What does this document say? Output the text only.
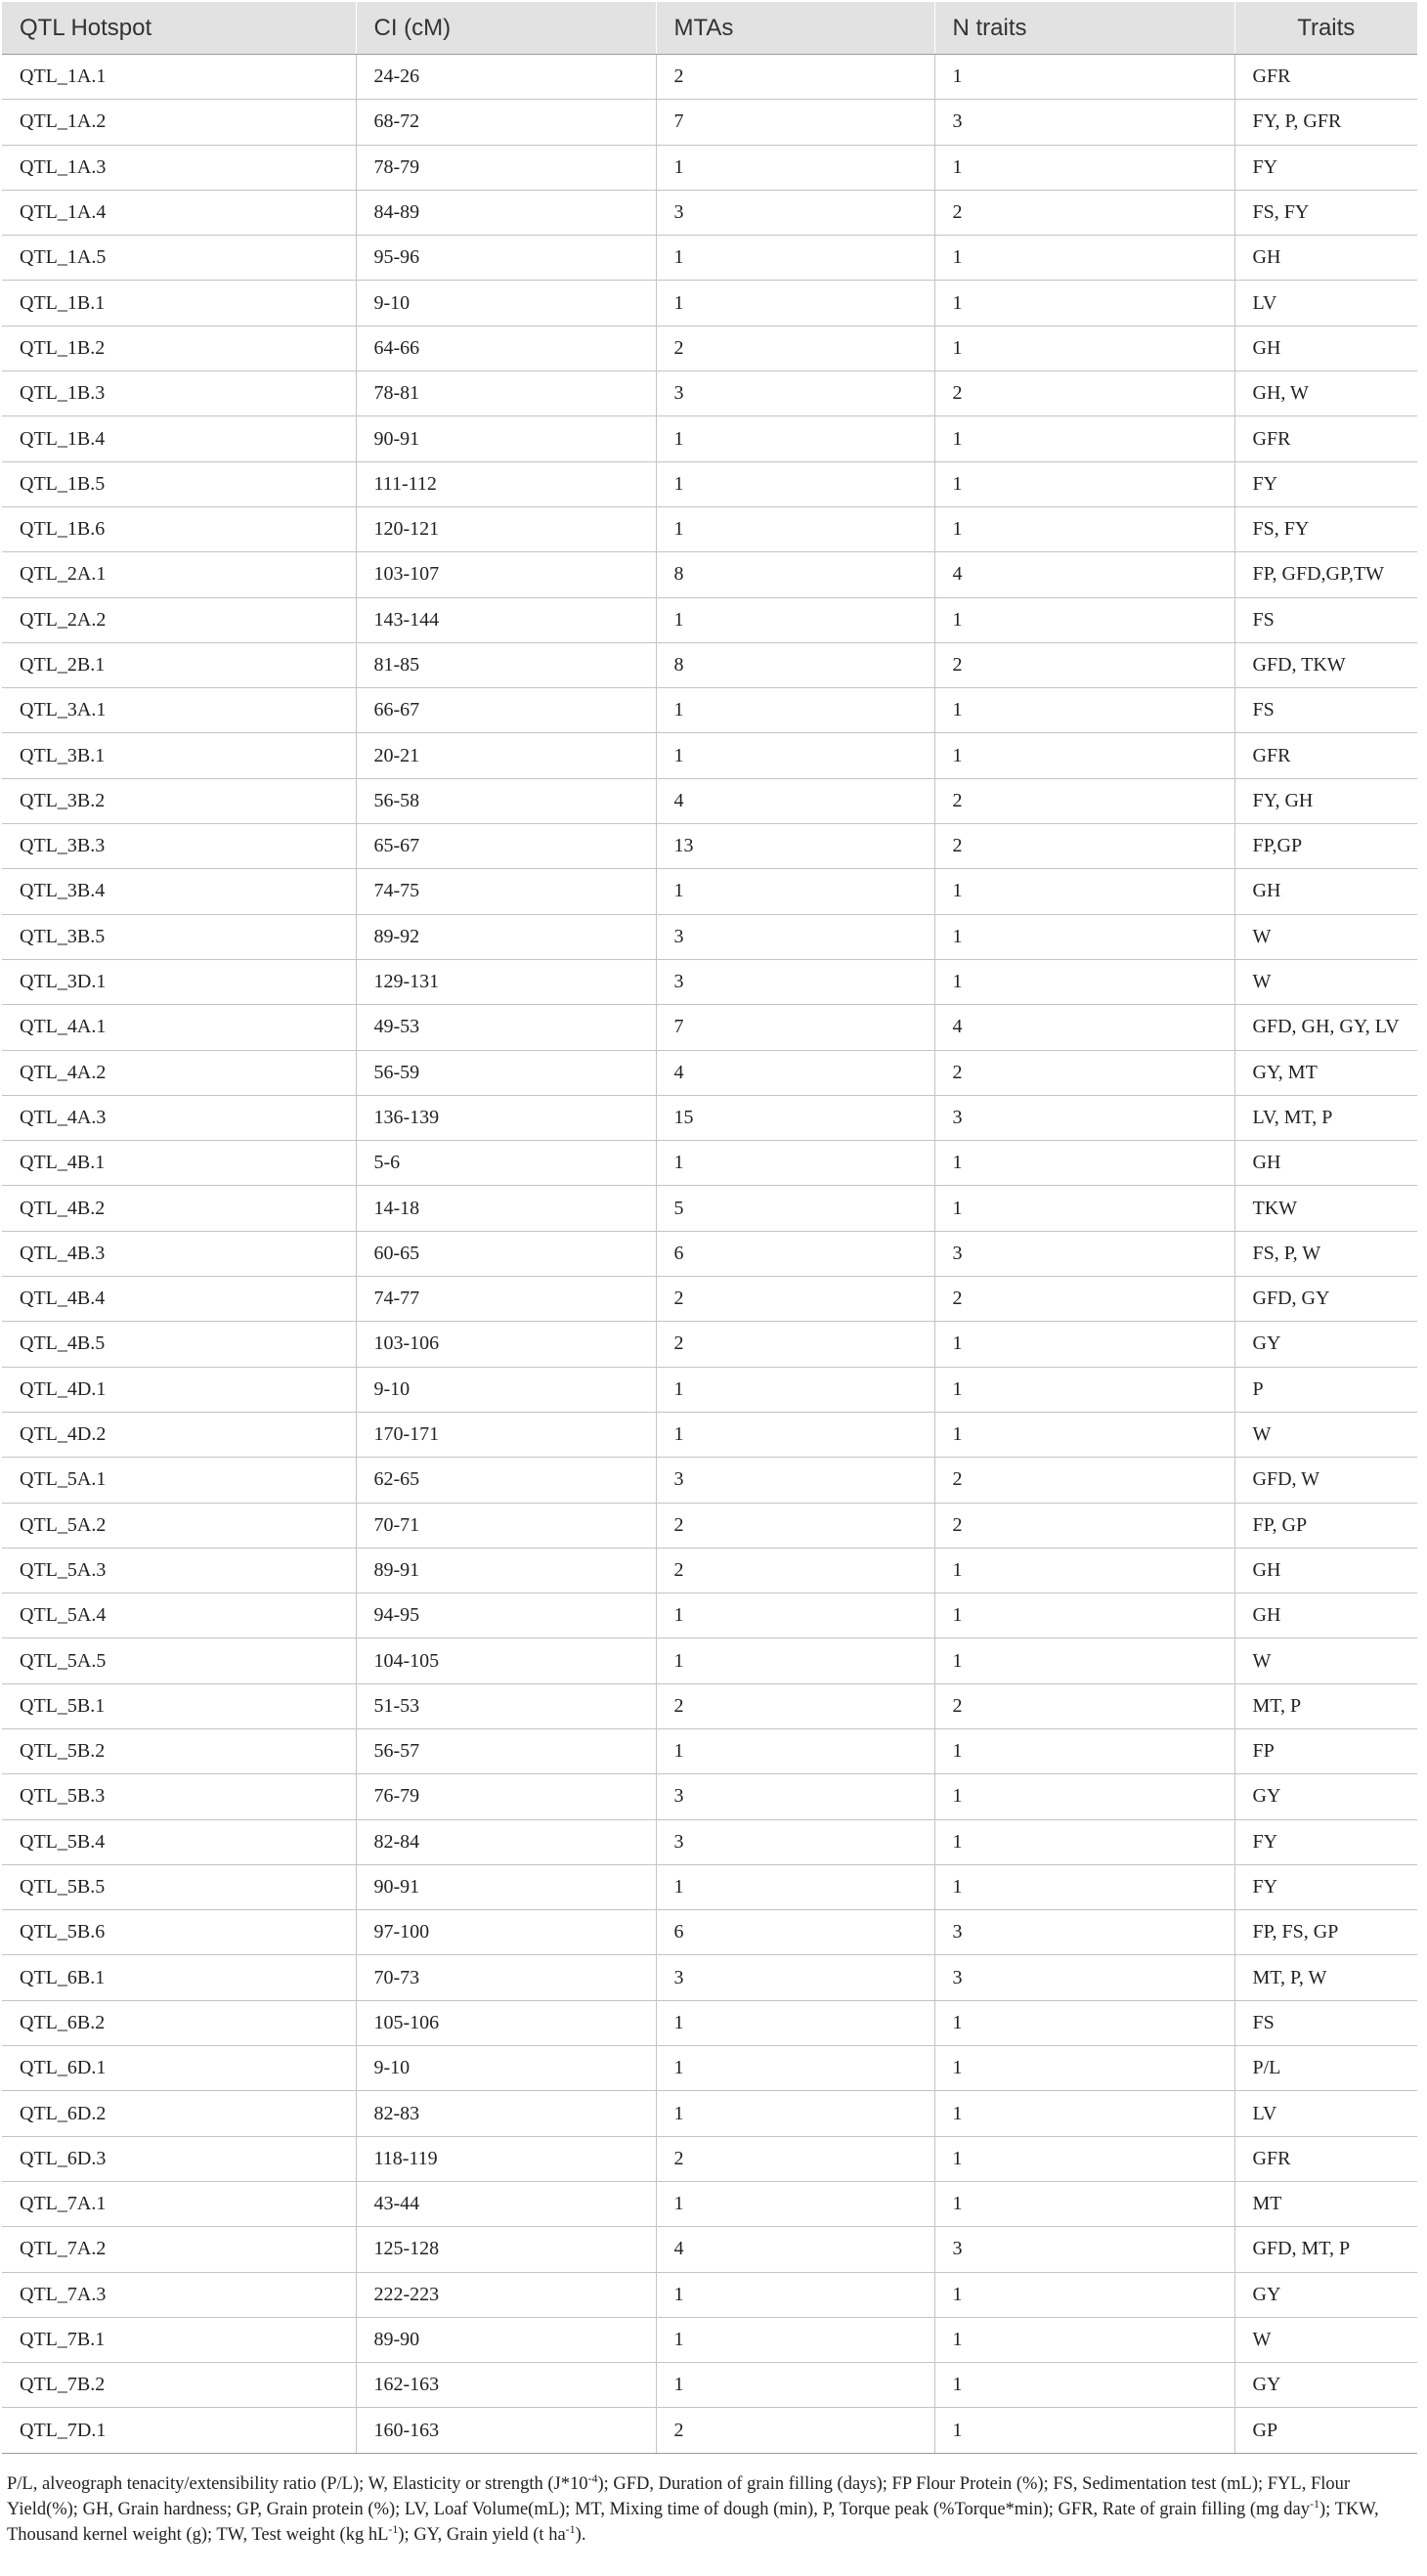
QTL Hotspot	CI (cM)	MTAs	N traits	Traits
QTL_1A.1	24-26	2	1	GFR
QTL_1A.2	68-72	7	3	FY, P, GFR
QTL_1A.3	78-79	1	1	FY
QTL_1A.4	84-89	3	2	FS, FY
QTL_1A.5	95-96	1	1	GH
QTL_1B.1	9-10	1	1	LV
QTL_1B.2	64-66	2	1	GH
QTL_1B.3	78-81	3	2	GH, W
QTL_1B.4	90-91	1	1	GFR
QTL_1B.5	111-112	1	1	FY
QTL_1B.6	120-121	1	1	FS, FY
QTL_2A.1	103-107	8	4	FP, GFD,GP,TW
QTL_2A.2	143-144	1	1	FS
QTL_2B.1	81-85	8	2	GFD, TKW
QTL_3A.1	66-67	1	1	FS
QTL_3B.1	20-21	1	1	GFR
QTL_3B.2	56-58	4	2	FY, GH
QTL_3B.3	65-67	13	2	FP,GP
QTL_3B.4	74-75	1	1	GH
QTL_3B.5	89-92	3	1	W
QTL_3D.1	129-131	3	1	W
QTL_4A.1	49-53	7	4	GFD, GH, GY, LV
QTL_4A.2	56-59	4	2	GY, MT
QTL_4A.3	136-139	15	3	LV, MT, P
QTL_4B.1	5-6	1	1	GH
QTL_4B.2	14-18	5	1	TKW
QTL_4B.3	60-65	6	3	FS, P, W
QTL_4B.4	74-77	2	2	GFD, GY
QTL_4B.5	103-106	2	1	GY
QTL_4D.1	9-10	1	1	P
QTL_4D.2	170-171	1	1	W
QTL_5A.1	62-65	3	2	GFD, W
QTL_5A.2	70-71	2	2	FP, GP
QTL_5A.3	89-91	2	1	GH
QTL_5A.4	94-95	1	1	GH
QTL_5A.5	104-105	1	1	W
QTL_5B.1	51-53	2	2	MT, P
QTL_5B.2	56-57	1	1	FP
QTL_5B.3	76-79	3	1	GY
QTL_5B.4	82-84	3	1	FY
QTL_5B.5	90-91	1	1	FY
QTL_5B.6	97-100	6	3	FP, FS, GP
QTL_6B.1	70-73	3	3	MT, P, W
QTL_6B.2	105-106	1	1	FS
QTL_6D.1	9-10	1	1	P/L
QTL_6D.2	82-83	1	1	LV
QTL_6D.3	118-119	2	1	GFR
QTL_7A.1	43-44	1	1	MT
QTL_7A.2	125-128	4	3	GFD, MT, P
QTL_7A.3	222-223	1	1	GY
QTL_7B.1	89-90	1	1	W
QTL_7B.2	162-163	1	1	GY
QTL_7D.1	160-163	2	1	GP
P/L, alveograph tenacity/extensibility ratio (P/L); W, Elasticity or strength $(J*10^{-4})$; GFD, Duration of grain filling (days); FP Flour Protein (%); FS, Sedimentation test (mL); FYL, Flour Yield(%); GH, Grain hardness; GP, Grain protein (%); LV, Loaf Volume(mL); MT, Mixing time of dough (min), P, Torque peak (%Torque*min); GFR, Rate of grain filling (mg day$^{-1}$); TKW, Thousand kernel weight (g); TW, Test weight (kg $hL^{-1}$); GY, Grain yield (t $ha^{-1}$).
